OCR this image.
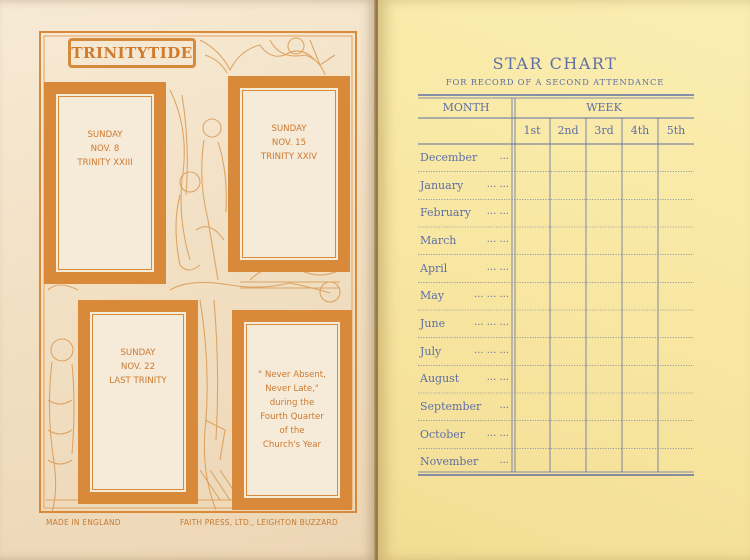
TRINITYTIDE
SUNDAY
NOV. 8
TRINITY XXIII
SUNDAY
NOV. 15
TRINITY XXIV
SUNDAY
NOV. 22
LAST TRINITY
" Never Absent,
Never Late,"
during the
Fourth Quarter
of the
Church's Year
MADE IN ENGLAND	FAITH PRESS, LTD., LEIGHTON BUZZARD
STAR CHART
FOR RECORD OF A SECOND ATTENDANCE
MONTH	WEEK
1st	2nd	3rd	4th	5th
December	...
January	... ...
February	... ...
March	... ...
April	... ...
May	... ... ...
June	... ... ...
July	... ... ...
August	... ...
September	...
October	... ...
November	...
